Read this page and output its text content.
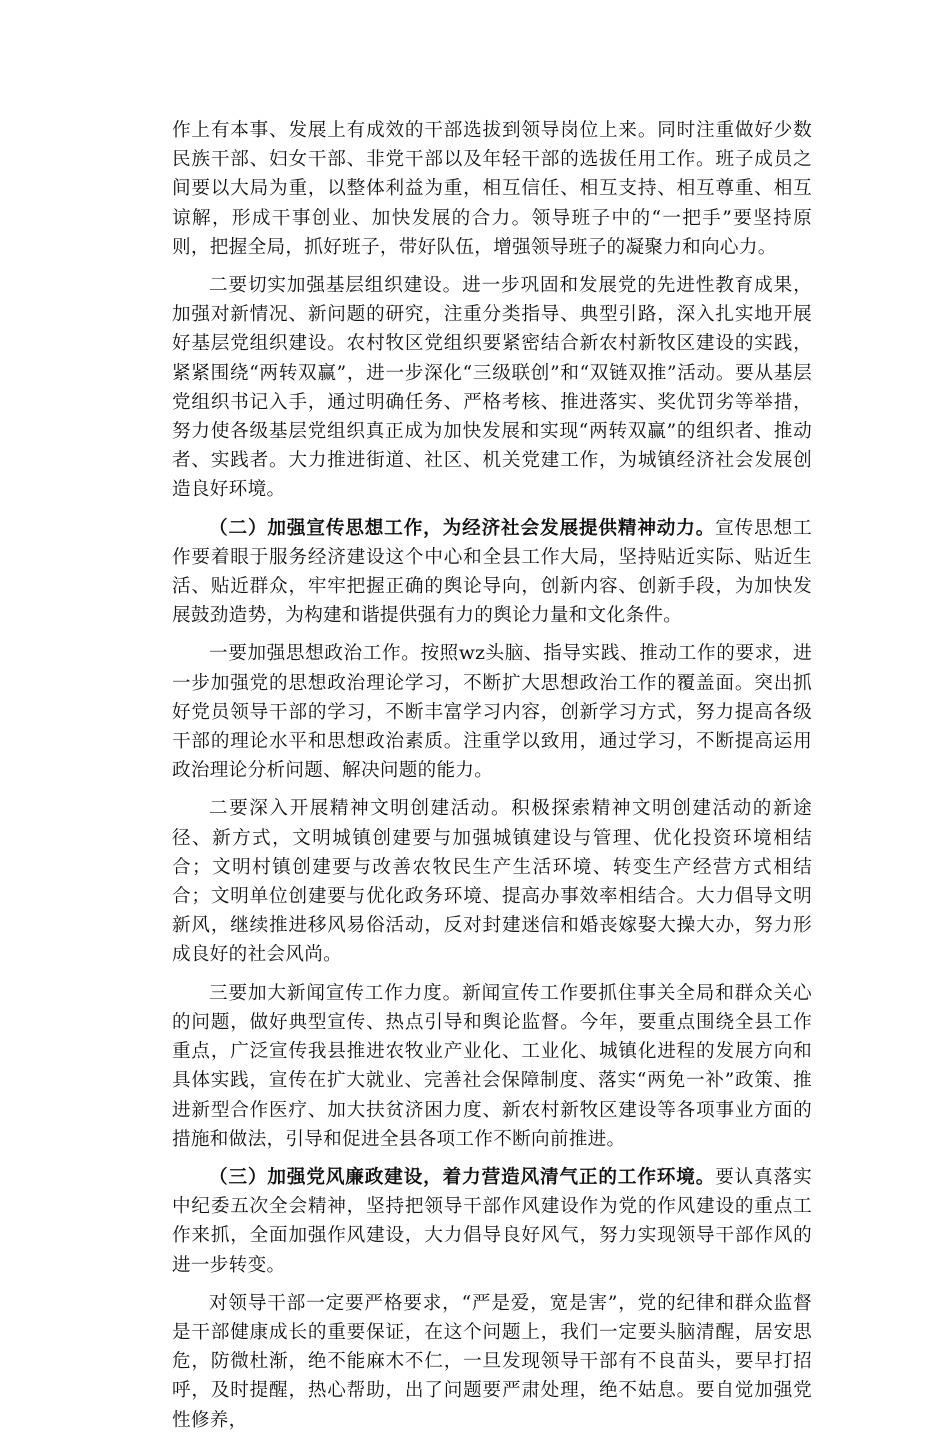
作上有本事、发展上有成效的干部选拔到领导岗位上来。同时注重做好少数民族干部、妇女干部、非党干部以及年轻干部的选拔任用工作。班子成员之间要以大局为重，以整体利益为重，相互信任、相互支持、相互尊重、相互谅解，形成干事创业、加快发展的合力。领导班子中的“一把手”要坚持原则，把握全局，抓好班子，带好队伍，增强领导班子的凝聚力和向心力。

二要切实加强基层组织建设。进一步巩固和发展党的先进性教育成果，加强对新情况、新问题的研究，注重分类指导、典型引路，深入扎实地开展好基层党组织建设。农村牧区党组织要紧密结合新农村新牧区建设的实践，紧紧围绕“两转双赢”，进一步深化“三级联创”和“双链双推”活动。要从基层党组织书记入手，通过明确任务、严格考核、推进落实、奖优罚劣等举措，努力使各级基层党组织真正成为加快发展和实现“两转双赢”的组织者、推动者、实践者。大力推进街道、社区、机关党建工作，为城镇经济社会发展创造良好环境。

（二）加强宣传思想工作，为经济社会发展提供精神动力。宣传思想工作要着眼于服务经济建设这个中心和全县工作大局，坚持贴近实际、贴近生活、贴近群众，牢牢把握正确的舆论导向，创新内容、创新手段，为加快发展鼓劲造势，为构建和谐提供强有力的舆论力量和文化条件。

一要加强思想政治工作。按照wz头脑、指导实践、推动工作的要求，进一步加强党的思想政治理论学习，不断扩大思想政治工作的覆盖面。突出抓好党员领导干部的学习，不断丰富学习内容，创新学习方式，努力提高各级干部的理论水平和思想政治素质。注重学以致用，通过学习，不断提高运用政治理论分析问题、解决问题的能力。

二要深入开展精神文明创建活动。积极探索精神文明创建活动的新途径、新方式，文明城镇创建要与加强城镇建设与管理、优化投资环境相结合；文明村镇创建要与改善农牧民生产生活环境、转变生产经营方式相结合；文明单位创建要与优化政务环境、提高办事效率相结合。大力倡导文明新风，继续推进移风易俗活动，反对封建迷信和婚丧嫁娶大操大办，努力形成良好的社会风尚。

三要加大新闻宣传工作力度。新闻宣传工作要抓住事关全局和群众关心的问题，做好典型宣传、热点引导和舆论监督。今年，要重点围绕全县工作重点，广泛宣传我县推进农牧业产业化、工业化、城镇化进程的发展方向和具体实践，宣传在扩大就业、完善社会保障制度、落实“两免一补”政策、推进新型合作医疗、加大扶贫济困力度、新农村新牧区建设等各项事业方面的措施和做法，引导和促进全县各项工作不断向前推进。

（三）加强党风廉政建设，着力营造风清气正的工作环境。要认真落实中纪委五次全会精神，坚持把领导干部作风建设作为党的作风建设的重点工作来抓，全面加强作风建设，大力倡导良好风气，努力实现领导干部作风的进一步转变。

对领导干部一定要严格要求，“严是爱，宽是害”，党的纪律和群众监督是干部健康成长的重要保证，在这个问题上，我们一定要头脑清醒，居安思危，防微杜渐，绝不能麻木不仁，一旦发现领导干部有不良苗头，要早打招呼，及时提醒，热心帮助，出了问题要严肃处理，绝不姑息。要自觉加强党性修养，
